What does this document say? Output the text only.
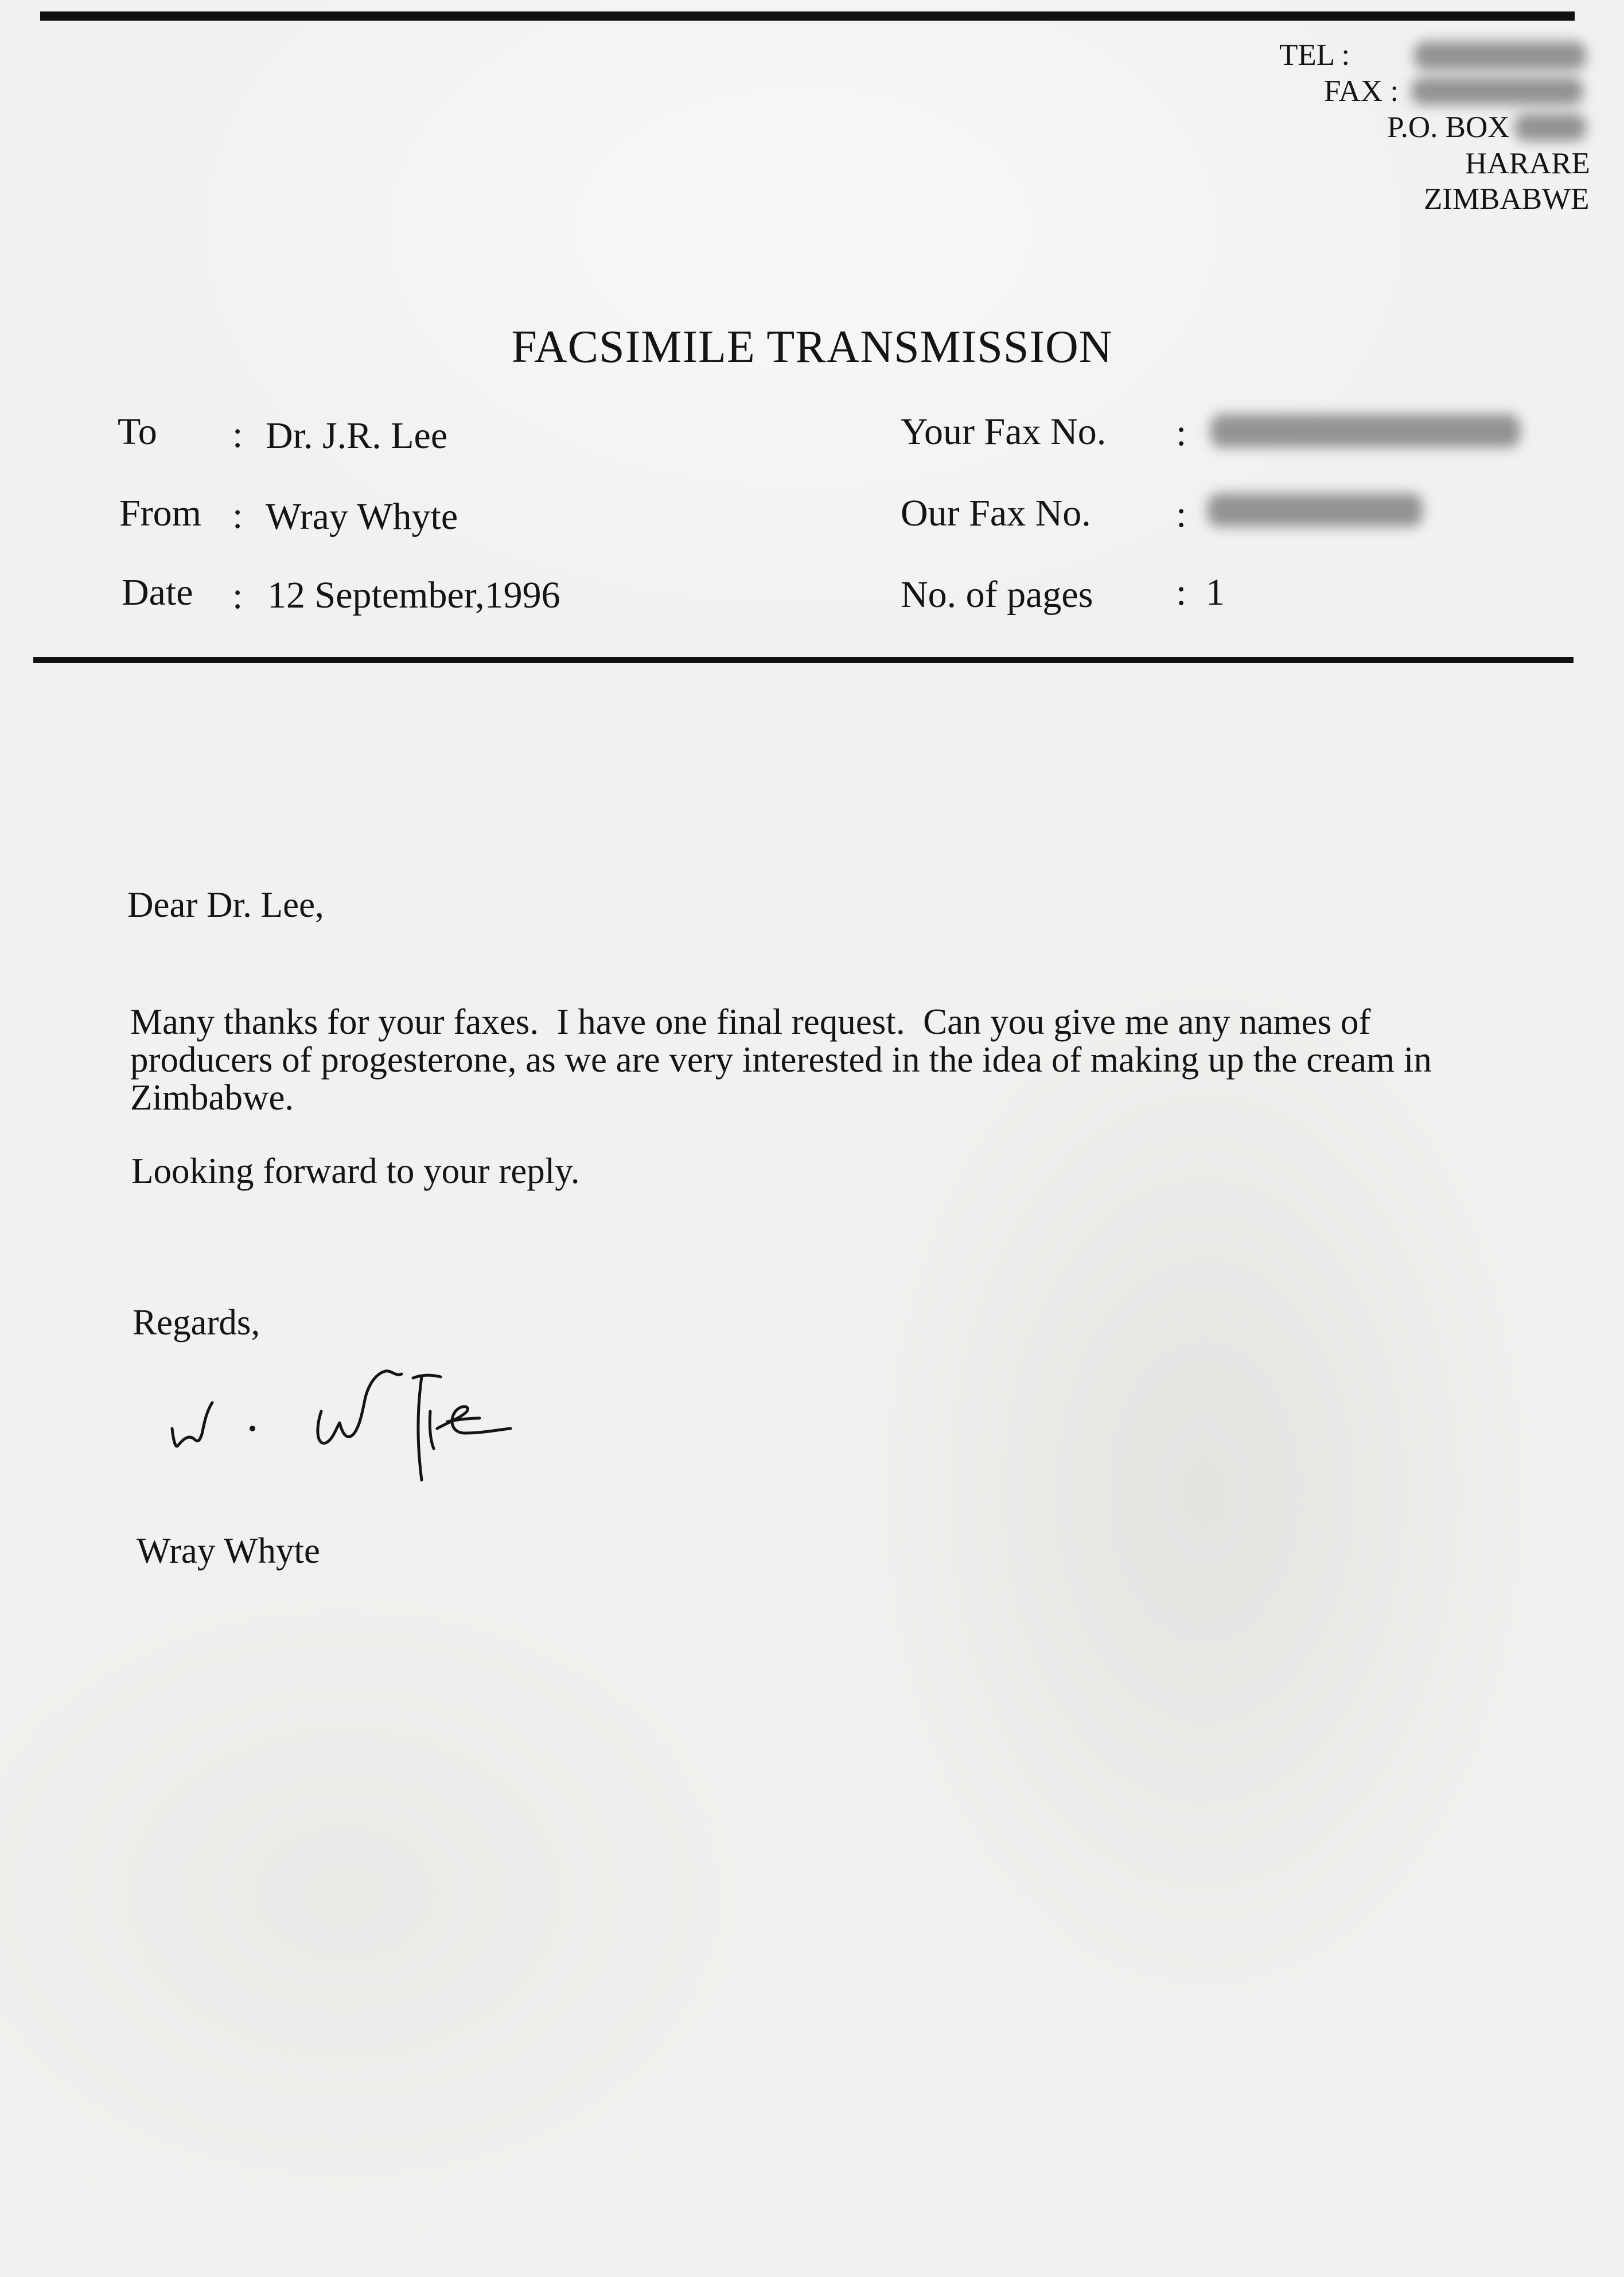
TEL :
FAX :
P.O. BOX
HARARE
ZIMBABWE
FACSIMILE TRANSMISSION
To : Dr. J.R. Lee
From : Wray Whyte
Date : 12 September,1996
Your Fax No. :
Our Fax No. :
No. of pages : 1
Dear Dr. Lee,
Many thanks for your faxes.  I have one final request.  Can you give me any names of
producers of progesterone, as we are very interested in the idea of making up the cream in
Zimbabwe.
Looking forward to your reply.
Regards,
Wray Whyte
